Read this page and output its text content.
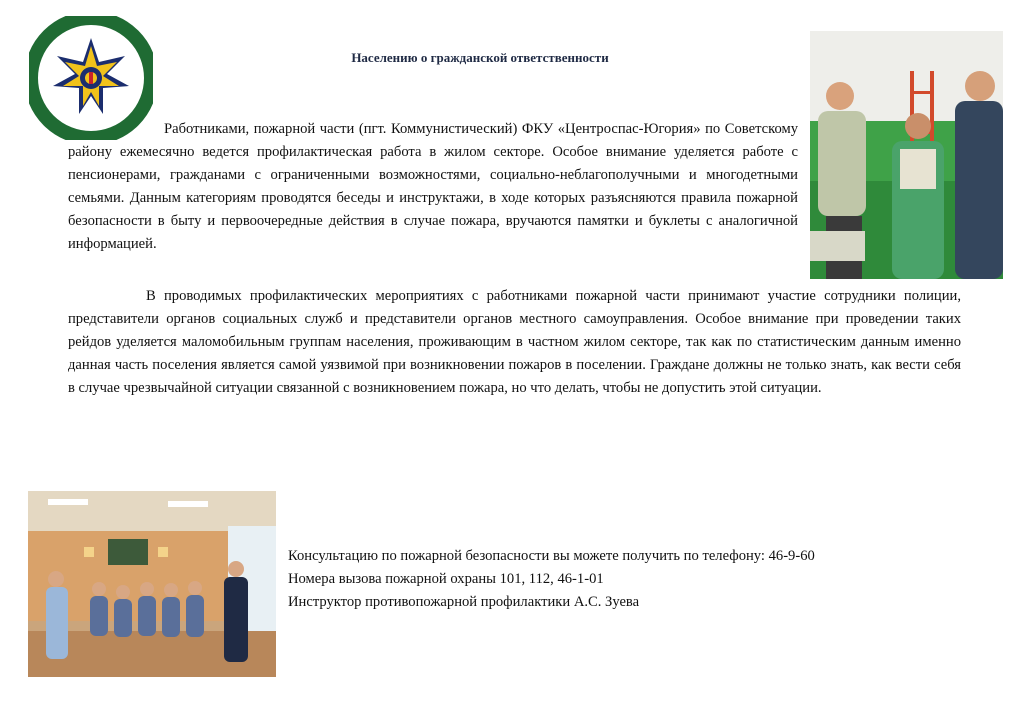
Населению о гражданской ответственности

Работниками, пожарной части (пгт. Коммунистический) ФКУ «Центроспас-Югория» по Советскому району ежемесячно ведется профилактическая работа в жилом секторе. Особое внимание уделяется работе с пенсионерами, гражданами с ограниченными возможностями, социально-неблагополучными и многодетными семьями. Данным категориям проводятся беседы и инструктажи, в ходе которых разъясняются правила пожарной безопасности в быту и первоочередные действия в случае пожара, вручаются памятки и буклеты с аналогичной информацией.

В проводимых профилактических мероприятиях с работниками пожарной части принимают участие сотрудники полиции, представители органов социальных служб и представители органов местного самоуправления. Особое внимание при проведении таких рейдов уделяется маломобильным группам населения, проживающим в частном жилом секторе, так как по статистическим данным именно данная часть поселения является самой уязвимой при возникновении пожаров в поселении. Граждане должны не только знать, как вести себя в случае чрезвычайной ситуации связанной с возникновением пожара, но что делать, чтобы не допустить этой ситуации.

Консультацию по пожарной безопасности вы можете получить по телефону: 46-9-60
Номера вызова пожарной охраны 101, 112, 46-1-01
Инструктор противопожарной профилактики А.С. Зуева
